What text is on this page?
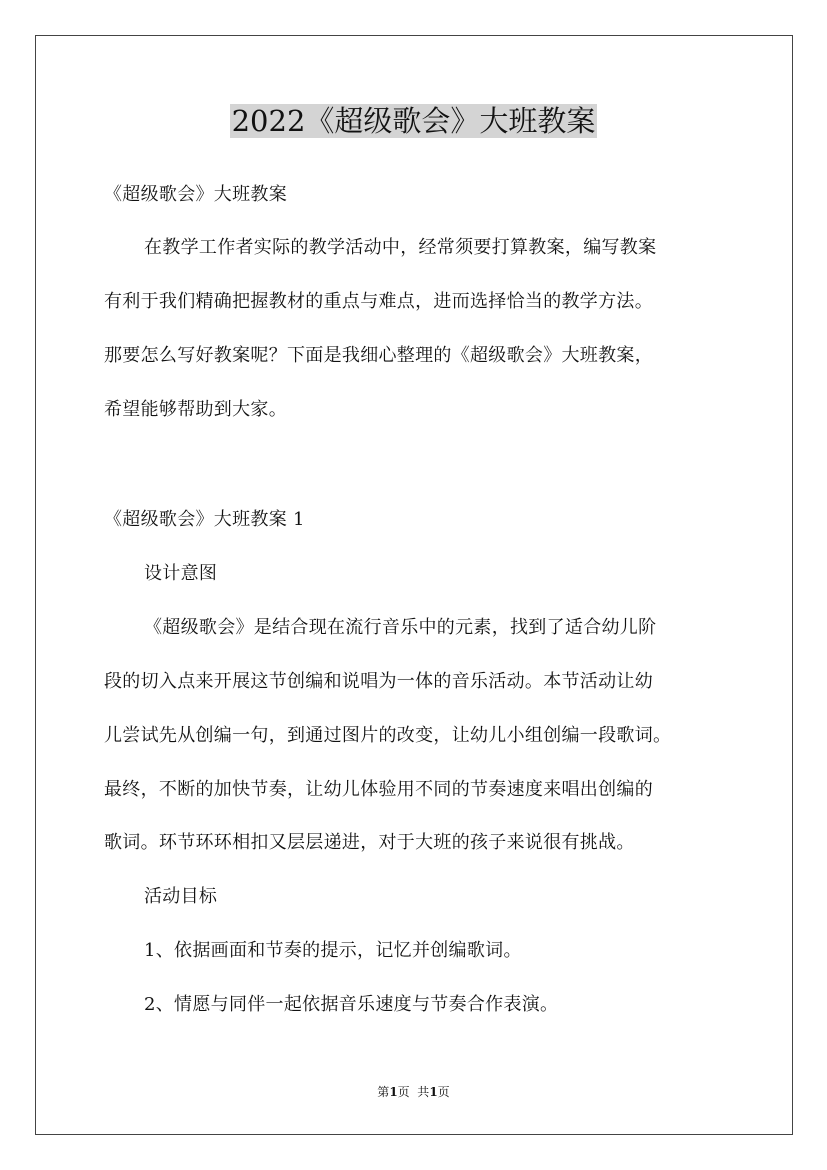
2022《超级歌会》大班教案
《超级歌会》大班教案
在教学工作者实际的教学活动中，经常须要打算教案，编写教案
有利于我们精确把握教材的重点与难点，进而选择恰当的教学方法。
那要怎么写好教案呢？下面是我细心整理的《超级歌会》大班教案，
希望能够帮助到大家。
《超级歌会》大班教案 1
设计意图
《超级歌会》是结合现在流行音乐中的元素，找到了适合幼儿阶
段的切入点来开展这节创编和说唱为一体的音乐活动。本节活动让幼
儿尝试先从创编一句，到通过图片的改变，让幼儿小组创编一段歌词。
最终，不断的加快节奏，让幼儿体验用不同的节奏速度来唱出创编的
歌词。环节环环相扣又层层递进，对于大班的孩子来说很有挑战。
活动目标
1、依据画面和节奏的提示，记忆并创编歌词。
2、情愿与同伴一起依据音乐速度与节奏合作表演。
第1页  共1页
